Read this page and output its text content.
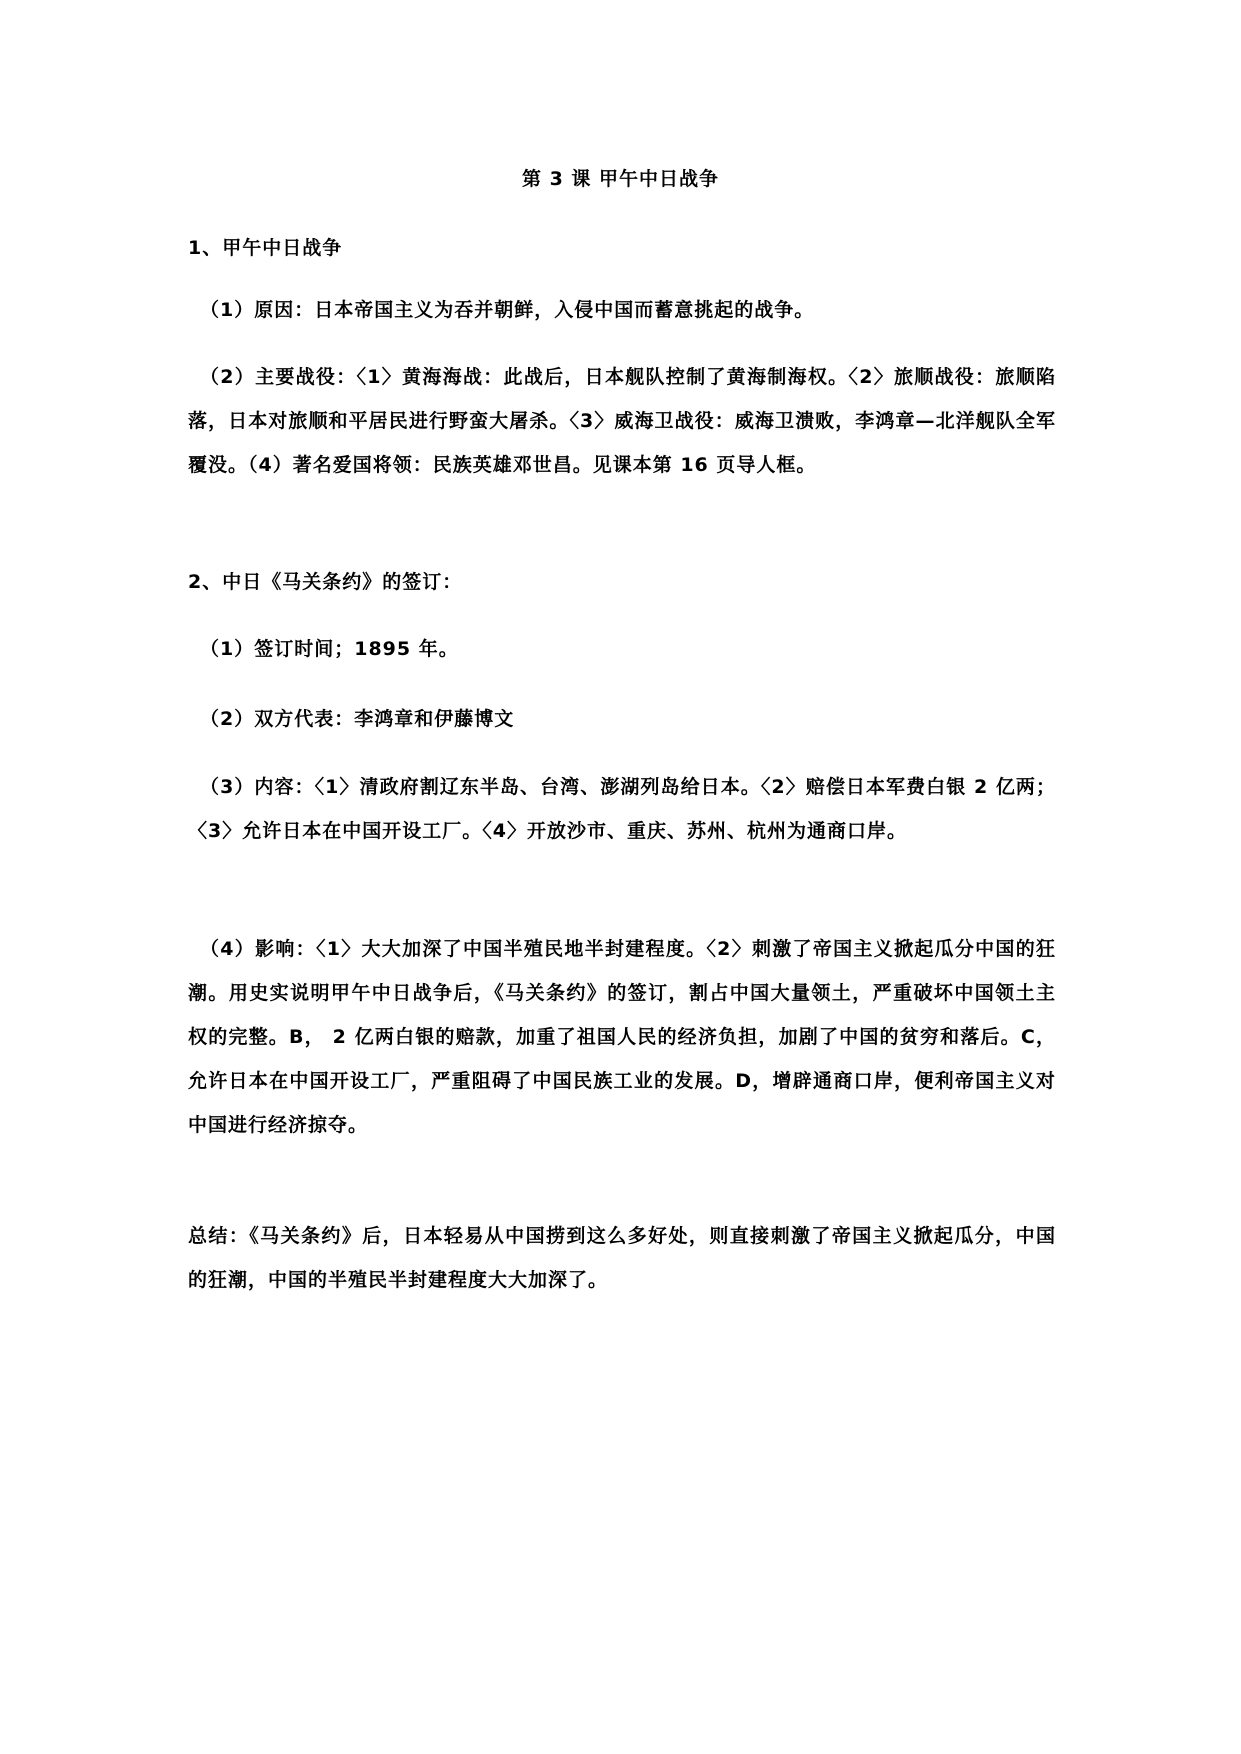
第 3 课 甲午中日战争
1、甲午中日战争
（1）原因：日本帝国主义为吞并朝鲜，入侵中国而蓄意挑起的战争。
（2）主要战役：〈1〉黄海海战：此战后，日本舰队控制了黄海制海权。〈2〉旅顺战役：旅顺陷落，日本对旅顺和平居民进行野蛮大屠杀。〈3〉威海卫战役：威海卫溃败，李鸿章—北洋舰队全军覆没。（4）著名爱国将领：民族英雄邓世昌。见课本第 16 页导人框。
2、中日《马关条约》的签订：
（1）签订时间；1895 年。
（2）双方代表：李鸿章和伊藤博文
（3）内容：〈1〉清政府割辽东半岛、台湾、澎湖列岛给日本。〈2〉赔偿日本军费白银 2 亿两；〈3〉允许日本在中国开设工厂。〈4〉开放沙市、重庆、苏州、杭州为通商口岸。
（4）影响：〈1〉大大加深了中国半殖民地半封建程度。〈2〉刺激了帝国主义掀起瓜分中国的狂潮。用史实说明甲午中日战争后，《马关条约》的签订，割占中国大量领土，严重破坏中国领土主权的完整。B， 2 亿两白银的赔款，加重了祖国人民的经济负担，加剧了中国的贫穷和落后。C，允许日本在中国开设工厂，严重阻碍了中国民族工业的发展。D，增辟通商口岸，便利帝国主义对中国进行经济掠夺。
总结：《马关条约》后，日本轻易从中国捞到这么多好处，则直接刺激了帝国主义掀起瓜分，中国的狂潮，中国的半殖民半封建程度大大加深了。
